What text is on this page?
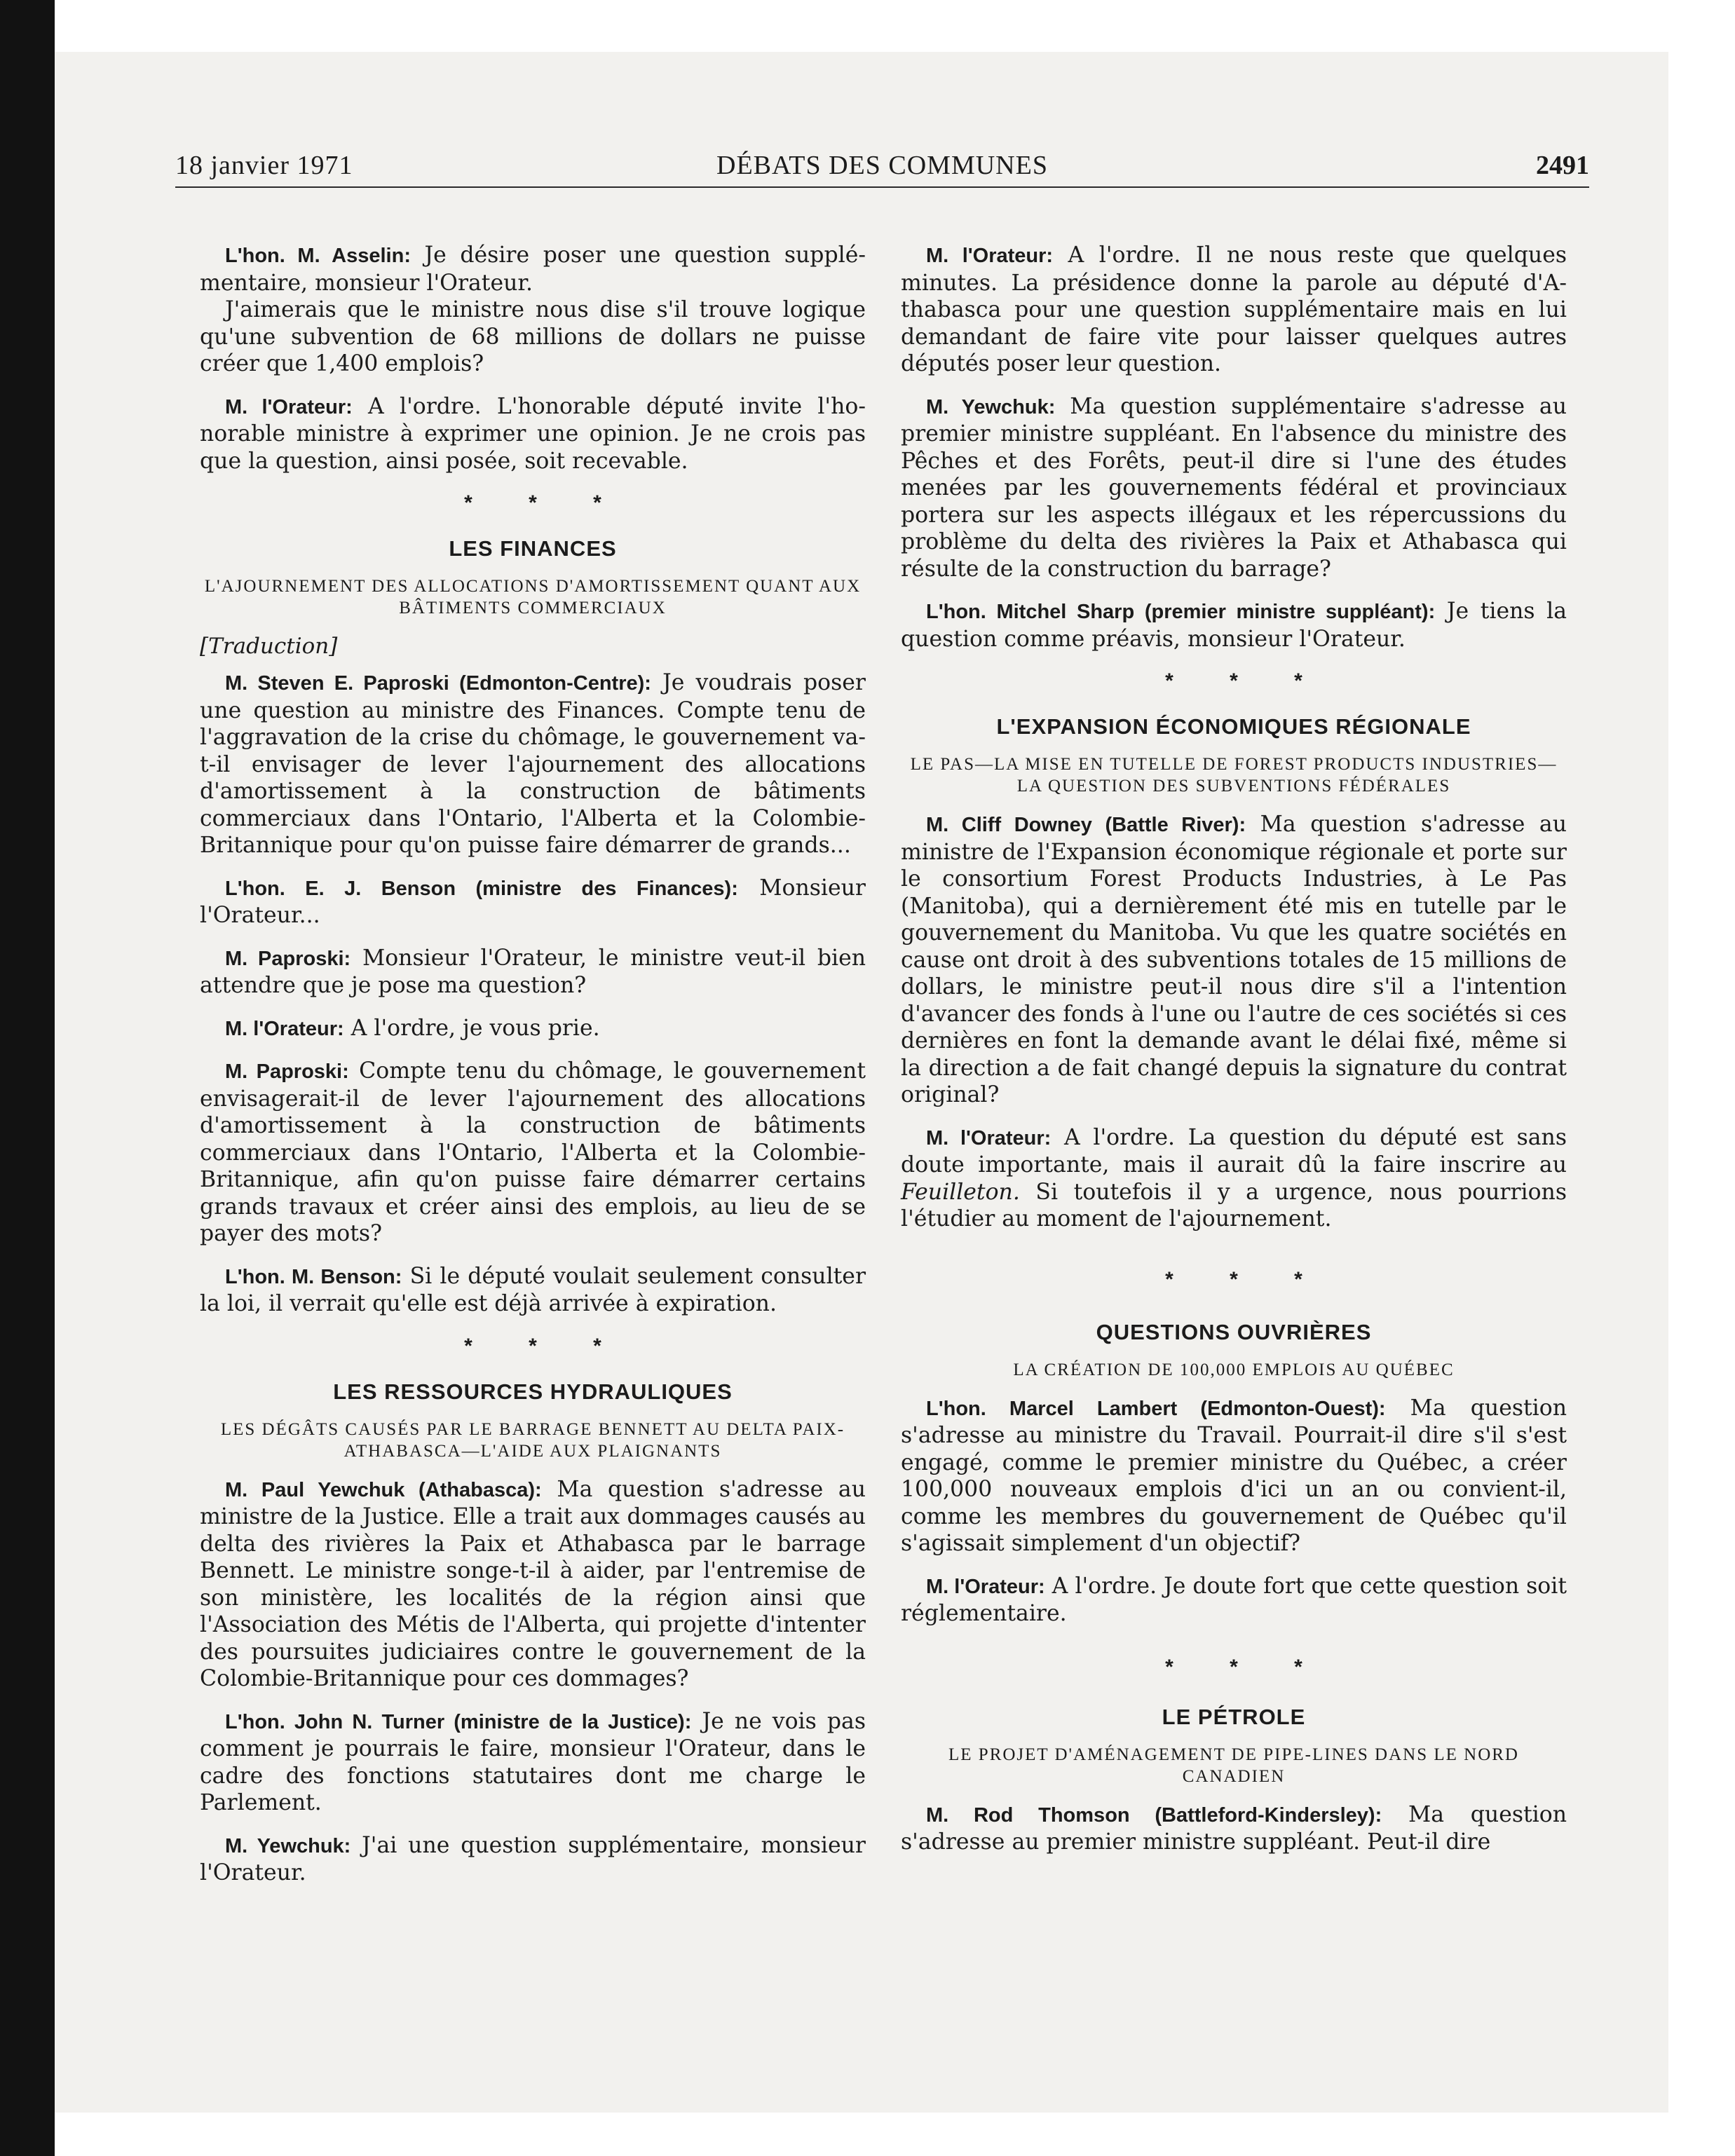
18 janvier 1971	DÉBATS DES COMMUNES	2491

L'hon. M. Asselin: Je désire poser une question supplémentaire, monsieur l'Orateur.

J'aimerais que le ministre nous dise s'il trouve logique qu'une subvention de 68 millions de dollars ne puisse créer que 1,400 emplois?

M. l'Orateur: A l'ordre. L'honorable député invite l'honorable ministre à exprimer une opinion. Je ne crois pas que la question, ainsi posée, soit recevable.

* * *
LES FINANCES
L'AJOURNEMENT DES ALLOCATIONS D'AMORTISSEMENT QUANT AUX BÂTIMENTS COMMERCIAUX
[Traduction]

M. Steven E. Paproski (Edmonton-Centre): Je voudrais poser une question au ministre des Finances. Compte tenu de l'aggravation de la crise du chômage, le gouvernement va-t-il envisager de lever l'ajournement des allocations d'amortissement à la construction de bâtiments commerciaux dans l'Ontario, l'Alberta et la Colombie-Britannique pour qu'on puisse faire démarrer de grands...

L'hon. E. J. Benson (ministre des Finances): Monsieur l'Orateur...

M. Paproski: Monsieur l'Orateur, le ministre veut-il bien attendre que je pose ma question?

M. l'Orateur: A l'ordre, je vous prie.

M. Paproski: Compte tenu du chômage, le gouvernement envisagerait-il de lever l'ajournement des allocations d'amortissement à la construction de bâtiments commerciaux dans l'Ontario, l'Alberta et la Colombie-Britannique, afin qu'on puisse faire démarrer certains grands travaux et créer ainsi des emplois, au lieu de se payer des mots?

L'hon. M. Benson: Si le député voulait seulement consulter la loi, il verrait qu'elle est déjà arrivée à expiration.

* * *
LES RESSOURCES HYDRAULIQUES
LES DÉGÂTS CAUSÉS PAR LE BARRAGE BENNETT AU DELTA PAIX-ATHABASCA—L'AIDE AUX PLAIGNANTS

M. Paul Yewchuk (Athabasca): Ma question s'adresse au ministre de la Justice. Elle a trait aux dommages causés au delta des rivières la Paix et Athabasca par le barrage Bennett. Le ministre songe-t-il à aider, par l'entremise de son ministère, les localités de la région ainsi que l'Association des Métis de l'Alberta, qui projette d'intenter des poursuites judiciaires contre le gouvernement de la Colombie-Britannique pour ces dommages?

L'hon. John N. Turner (ministre de la Justice): Je ne vois pas comment je pourrais le faire, monsieur l'Orateur, dans le cadre des fonctions statutaires dont me charge le Parlement.

M. Yewchuk: J'ai une question supplémentaire, monsieur l'Orateur.

M. l'Orateur: A l'ordre. Il ne nous reste que quelques minutes. La présidence donne la parole au député d'Athabasca pour une question supplémentaire mais en lui demandant de faire vite pour laisser quelques autres députés poser leur question.

M. Yewchuk: Ma question supplémentaire s'adresse au premier ministre suppléant. En l'absence du ministre des Pêches et des Forêts, peut-il dire si l'une des études menées par les gouvernements fédéral et provinciaux portera sur les aspects illégaux et les répercussions du problème du delta des rivières la Paix et Athabasca qui résulte de la construction du barrage?

L'hon. Mitchel Sharp (premier ministre suppléant): Je tiens la question comme préavis, monsieur l'Orateur.

* * *
L'EXPANSION ÉCONOMIQUES RÉGIONALE
LE PAS—LA MISE EN TUTELLE DE FOREST PRODUCTS INDUSTRIES—LA QUESTION DES SUBVENTIONS FÉDÉRALES

M. Cliff Downey (Battle River): Ma question s'adresse au ministre de l'Expansion économique régionale et porte sur le consortium Forest Products Industries, à Le Pas (Manitoba), qui a dernièrement été mis en tutelle par le gouvernement du Manitoba. Vu que les quatre sociétés en cause ont droit à des subventions totales de 15 millions de dollars, le ministre peut-il nous dire s'il a l'intention d'avancer des fonds à l'une ou l'autre de ces sociétés si ces dernières en font la demande avant le délai fixé, même si la direction a de fait changé depuis la signature du contrat original?

M. l'Orateur: A l'ordre. La question du député est sans doute importante, mais il aurait dû la faire inscrire au Feuilleton. Si toutefois il y a urgence, nous pourrions l'étudier au moment de l'ajournement.

* * *
QUESTIONS OUVRIÈRES
LA CRÉATION DE 100,000 EMPLOIS AU QUÉBEC

L'hon. Marcel Lambert (Edmonton-Ouest): Ma question s'adresse au ministre du Travail. Pourrait-il dire s'il s'est engagé, comme le premier ministre du Québec, a créer 100,000 nouveaux emplois d'ici un an ou convient-il, comme les membres du gouvernement de Québec qu'il s'agissait simplement d'un objectif?

M. l'Orateur: A l'ordre. Je doute fort que cette question soit réglementaire.

* * *
LE PÉTROLE
LE PROJET D'AMÉNAGEMENT DE PIPE-LINES DANS LE NORD CANADIEN

M. Rod Thomson (Battleford-Kindersley): Ma question s'adresse au premier ministre suppléant. Peut-il dire
